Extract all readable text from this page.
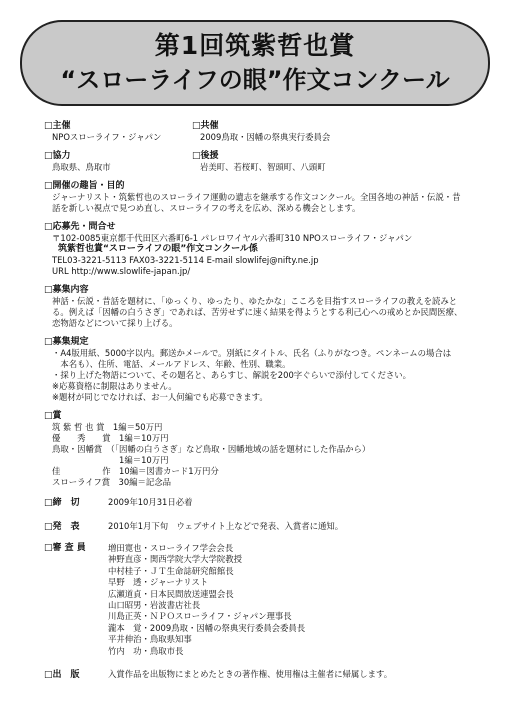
第1回筑紫哲也賞
“スローライフの眼”作文コンクール
□主催
NPOスローライフ・ジャパン
□共催
2009鳥取・因幡の祭典実行委員会
□協力
鳥取県、鳥取市
□後援
岩美町、若桜町、智頭町、八頭町
□開催の趣旨・目的
ジャーナリスト・筑紫哲也のスローライフ運動の遺志を継承する作文コンクール。全国各地の神話・伝説・昔
話を新しい視点で見つめ直し、スローライフの考えを広め、深める機会とします。
□応募先・問合せ
〒102-0085東京都千代田区六番町6-1 パレロワイヤル六番町310 NPOスローライフ・ジャパン
筑紫哲也賞“スローライフの眼”作文コンクール係
TEL03-3221-5113 FAX03-3221-5114 E-mail slowlifej@nifty.ne.jp
URL http://www.slowlife-japan.jp/
□募集内容
神話・伝説・昔話を題材に、「ゆっくり、ゆったり、ゆたかな」こころを目指すスローライフの教えを読みと
る。例えば「因幡の白うさぎ」であれば、苦労せずに速く結果を得ようとする利己心への戒めとか民間医療、
恋物語などについて採り上げる。
□募集規定
・A4版用紙、5000字以内。郵送かメールで。別紙にタイトル、氏名（ふりがなつき。ペンネームの場合は
　本名も）、住所、電話、メールアドレス、年齢、性別、職業。
・採り上げた物語について、その題名と、あらすじ、解説を200字ぐらいで添付してください。
※応募資格に制限はありません。
※題材が同じでなければ、お一人何編でも応募できます。
□賞
筑 紫 哲 也 賞　1編＝50万円
優　　秀　　賞　1編＝10万円
鳥取・因幡賞　（「因幡の白うさぎ」など鳥取・因幡地域の話を題材にした作品から）
　　　　　　　　1編＝10万円
佳　　　　　作　10編＝図書カード1万円分
スローライフ賞　30編＝記念品
□締　切	2009年10月31日必着
□発　表	2010年1月下旬　ウェブサイト上などで発表、入賞者に通知。
□審 査 員	増田寛也・スローライフ学会会長
神野直彦・関西学院大学大学院教授
中村桂子・ＪＴ生命誌研究館館長
早野　透・ジャーナリスト
広瀬道貞・日本民間放送連盟会長
山口昭男・岩波書店社長
川島正英・ＮＰＯスローライフ・ジャパン理事長
瀧本　覚・2009鳥取・因幡の祭典実行委員会委員長
平井伸治・鳥取県知事
竹内　功・鳥取市長
□出　版	入賞作品を出版物にまとめたときの著作権、使用権は主催者に帰属します。
